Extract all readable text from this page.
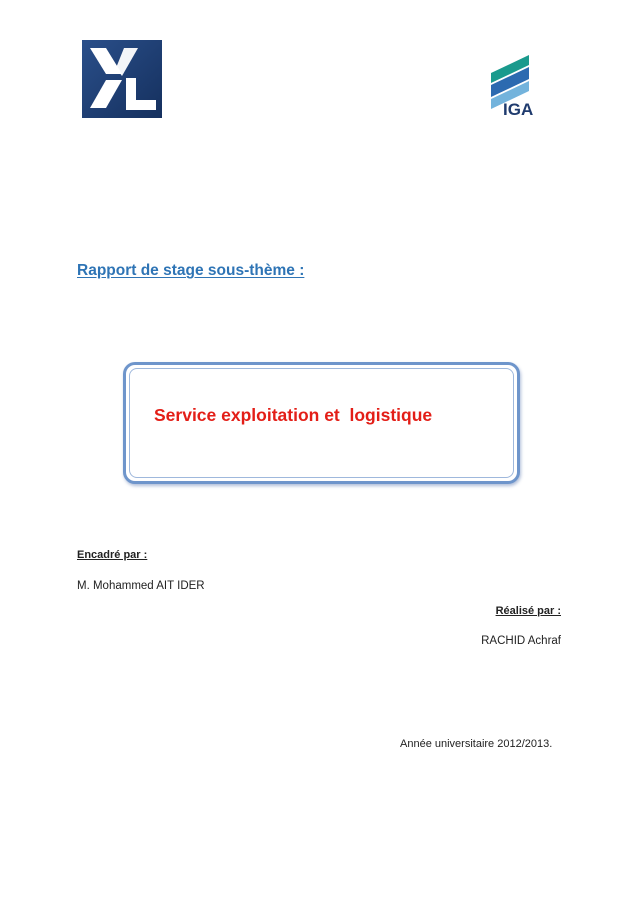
IGA
Rapport de stage sous-thème :
Service exploitation et  logistique
Encadré par :
M. Mohammed AIT IDER
Réalisé par :
RACHID Achraf
Année universitaire 2012/2013.
